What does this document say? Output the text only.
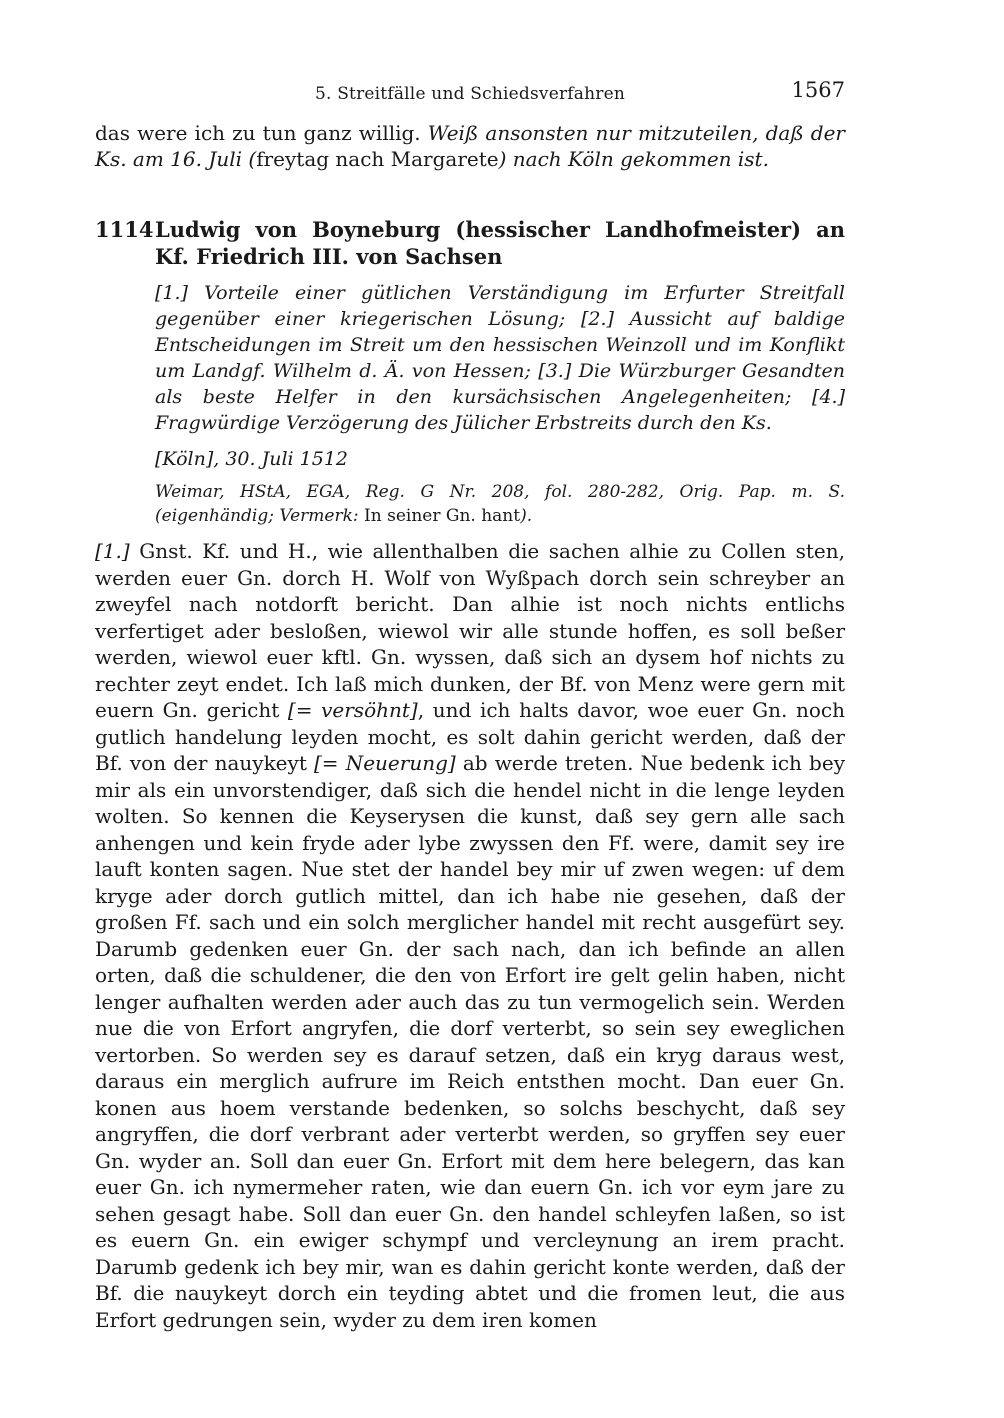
5. Streitfälle und Schiedsverfahren	1567

das were ich zu tun ganz willig. Weiß ansonsten nur mitzuteilen, daß der Ks. am 16. Juli (freytag nach Margarete) nach Köln gekommen ist.

1114 Ludwig von Boyneburg (hessischer Landhofmeister) an Kf. Friedrich III. von Sachsen
[1.] Vorteile einer gütlichen Verständigung im Erfurter Streitfall gegenüber einer kriegerischen Lösung; [2.] Aussicht auf baldige Entscheidungen im Streit um den hessischen Weinzoll und im Konflikt um Landgf. Wilhelm d. Ä. von Hessen; [3.] Die Würzburger Gesandten als beste Helfer in den kursächsischen Angelegenheiten; [4.] Fragwürdige Verzögerung des Jülicher Erbstreits durch den Ks.
[Köln], 30. Juli 1512
Weimar, HStA, EGA, Reg. G Nr. 208, fol. 280-282, Orig. Pap. m. S. (eigenhändig; Vermerk: In seiner Gn. hant).

[1.] Gnst. Kf. und H., wie allenthalben die sachen alhie zu Collen sten, werden euer Gn. dorch H. Wolf von Wyßpach dorch sein schreyber an zweyfel nach notdorft bericht. Dan alhie ist noch nichts entlichs verfertiget ader besloßen, wiewol wir alle stunde hoffen, es soll beßer werden, wiewol euer kftl. Gn. wyssen, daß sich an dysem hof nichts zu rechter zeyt endet. Ich laß mich dunken, der Bf. von Menz were gern mit euern Gn. gericht [= versöhnt], und ich halts davor, woe euer Gn. noch gutlich handelung leyden mocht, es solt dahin gericht werden, daß der Bf. von der nauykeyt [= Neuerung] ab werde treten. Nue bedenk ich bey mir als ein unvorstendiger, daß sich die hendel nicht in die lenge leyden wolten. So kennen die Keyserysen die kunst, daß sey gern alle sach anhengen und kein fryde ader lybe zwyssen den Ff. were, damit sey ire lauft konten sagen. Nue stet der handel bey mir uf zwen wegen: uf dem kryge ader dorch gutlich mittel, dan ich habe nie gesehen, daß der großen Ff. sach und ein solch merglicher handel mit recht ausgefürt sey. Darumb gedenken euer Gn. der sach nach, dan ich befinde an allen orten, daß die schuldener, die den von Erfort ire gelt gelin haben, nicht lenger aufhalten werden ader auch das zu tun vermogelich sein. Werden nue die von Erfort angryfen, die dorf verterbt, so sein sey eweglichen vertorben. So werden sey es darauf setzen, daß ein kryg daraus west, daraus ein merglich aufrure im Reich entsthen mocht. Dan euer Gn. konen aus hoem verstande bedenken, so solchs beschycht, daß sey angryffen, die dorf verbrant ader verterbt werden, so gryffen sey euer Gn. wyder an. Soll dan euer Gn. Erfort mit dem here belegern, das kan euer Gn. ich nymermeher raten, wie dan euern Gn. ich vor eym jare zu sehen gesagt habe. Soll dan euer Gn. den handel schleyfen laßen, so ist es euern Gn. ein ewiger schympf und vercleynung an irem pracht. Darumb gedenk ich bey mir, wan es dahin gericht konte werden, daß der Bf. die nauykeyt dorch ein teyding abtet und die fromen leut, die aus Erfort gedrungen sein, wyder zu dem iren komen
